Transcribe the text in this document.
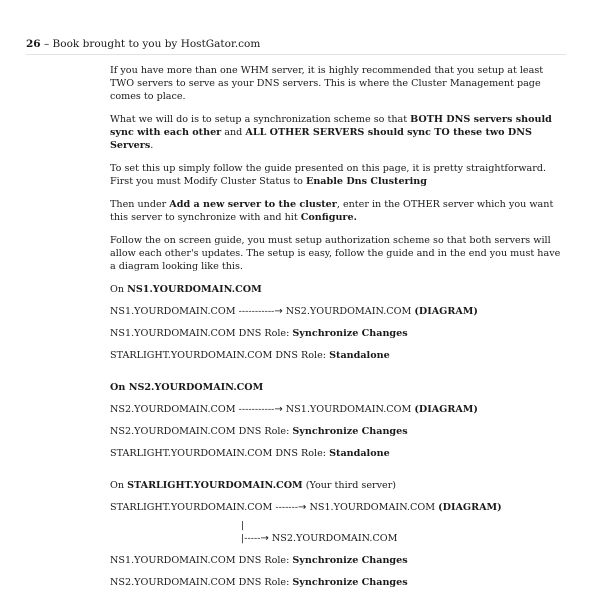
26 – Book brought to you by HostGator.com

If you have more than one WHM server, it is highly recommended that you setup at least TWO servers to serve as your DNS servers. This is where the Cluster Management page comes to place.

What we will do is to setup a synchronization scheme so that BOTH DNS servers should sync with each other and ALL OTHER SERVERS should sync TO these two DNS Servers.

To set this up simply follow the guide presented on this page, it is pretty straightforward. First you must Modify Cluster Status to Enable Dns Clustering

Then under Add a new server to the cluster, enter in the OTHER server which you want this server to synchronize with and hit Configure.

Follow the on screen guide, you must setup authorization scheme so that both servers will allow each other's updates. The setup is easy, follow the guide and in the end you must have a diagram looking like this.

On NS1.YOURDOMAIN.COM
NS1.YOURDOMAIN.COM -----------→ NS2.YOURDOMAIN.COM (DIAGRAM)
NS1.YOURDOMAIN.COM DNS Role: Synchronize Changes
STARLIGHT.YOURDOMAIN.COM DNS Role: Standalone
On NS2.YOURDOMAIN.COM
NS2.YOURDOMAIN.COM -----------→ NS1.YOURDOMAIN.COM (DIAGRAM)
NS2.YOURDOMAIN.COM DNS Role: Synchronize Changes
STARLIGHT.YOURDOMAIN.COM DNS Role: Standalone
On STARLIGHT.YOURDOMAIN.COM (Your third server)
STARLIGHT.YOURDOMAIN.COM -------→ NS1.YOURDOMAIN.COM (DIAGRAM)
|
|-----→ NS2.YOURDOMAIN.COM
NS1.YOURDOMAIN.COM DNS Role: Synchronize Changes
NS2.YOURDOMAIN.COM DNS Role: Synchronize Changes
